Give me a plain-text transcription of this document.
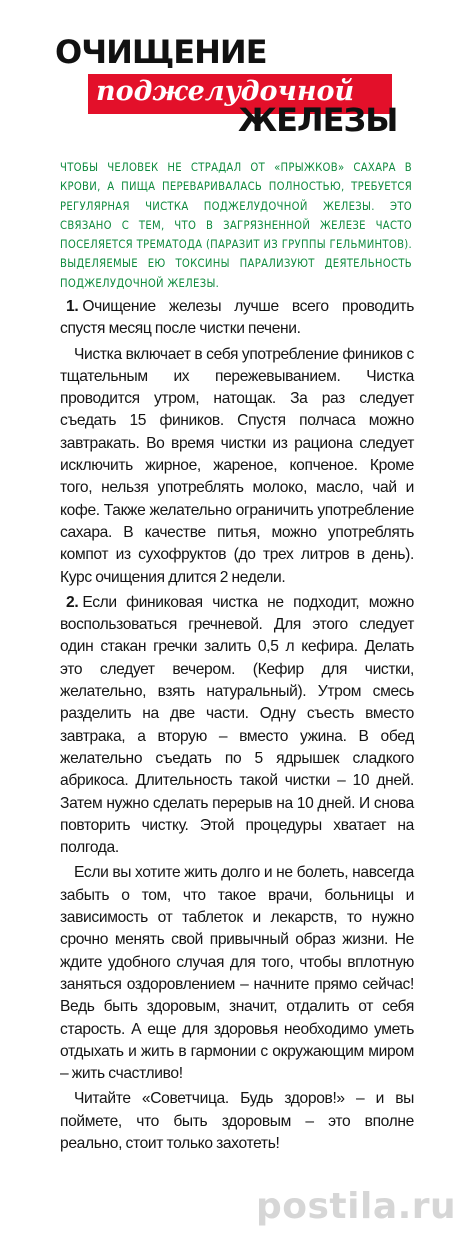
ОЧИЩЕНИЕ
поджелудочной
ЖЕЛЕЗЫ

ЧТОБЫ ЧЕЛОВЕК НЕ СТРАДАЛ ОТ «ПРЫЖКОВ» САХАРА В КРОВИ, А ПИЩА ПЕРЕВАРИВАЛАСЬ ПОЛНОСТЬЮ, ТРЕБУЕТСЯ РЕГУЛЯРНАЯ ЧИСТКА ПОДЖЕЛУДОЧНОЙ ЖЕЛЕЗЫ. ЭТО СВЯЗАНО С ТЕМ, ЧТО В ЗАГРЯЗНЕННОЙ ЖЕЛЕЗЕ ЧАСТО ПОСЕЛЯЕТСЯ ТРЕМАТОДА (ПАРАЗИТ ИЗ ГРУППЫ ГЕЛЬМИНТОВ). ВЫДЕЛЯЕМЫЕ ЕЮ ТОКСИНЫ ПАРАЛИЗУЮТ ДЕЯТЕЛЬНОСТЬ ПОДЖЕЛУДОЧНОЙ ЖЕЛЕЗЫ.

1. Очищение железы лучше всего проводить спустя месяц после чистки печени.

Чистка включает в себя употребление фиников с тщательным их пережевыванием. Чистка проводится утром, натощак. За раз следует съедать 15 фиников. Спустя полчаса можно завтракать. Во время чистки из рациона следует исключить жирное, жареное, копченое. Кроме того, нельзя употреблять молоко, масло, чай и кофе. Также желательно ограничить употребление сахара. В качестве питья, можно употреблять компот из сухофруктов (до трех литров в день). Курс очищения длится 2 недели.

2. Если финиковая чистка не подходит, можно воспользоваться гречневой. Для этого следует один стакан гречки залить 0,5 л кефира. Делать это следует вечером. (Кефир для чистки, желательно, взять натуральный). Утром смесь разделить на две части. Одну съесть вместо завтрака, а вторую – вместо ужина. В обед желательно съедать по 5 ядрышек сладкого абрикоса. Длительность такой чистки – 10 дней. Затем нужно сделать перерыв на 10 дней. И снова повторить чистку. Этой процедуры хватает на полгода.

Если вы хотите жить долго и не болеть, навсегда забыть о том, что такое врачи, больницы и зависимость от таблеток и лекарств, то нужно срочно менять свой привычный образ жизни. Не ждите удобного случая для того, чтобы вплотную заняться оздоровлением – начните прямо сейчас! Ведь быть здоровым, значит, отдалить от себя старость. А еще для здоровья необходимо уметь отдыхать и жить в гармонии с окружающим миром – жить счастливо!

Читайте «Советчица. Будь здоров!» – и вы поймете, что быть здоровым – это вполне реально, стоит только захотеть!

postila.ru
